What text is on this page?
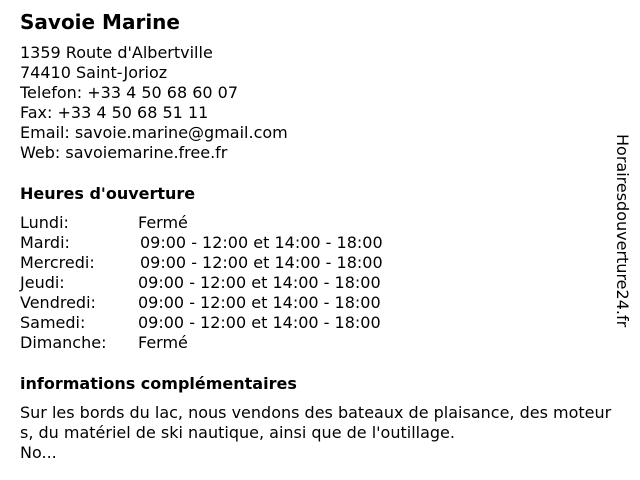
Savoie Marine
1359 Route d'Albertville
74410 Saint-Jorioz
Telefon: +33 4 50 68 60 07
Fax: +33 4 50 68 51 11
Email: savoie.marine@gmail.com
Web: savoiemarine.free.fr
Heures d'ouverture
Lundi:	Fermé
Mardi:	09:00 - 12:00 et 14:00 - 18:00
Mercredi:	09:00 - 12:00 et 14:00 - 18:00
Jeudi:	09:00 - 12:00 et 14:00 - 18:00
Vendredi:	09:00 - 12:00 et 14:00 - 18:00
Samedi:	09:00 - 12:00 et 14:00 - 18:00
Dimanche: Fermé
informations complémentaires
Sur les bords du lac, nous vendons des bateaux de plaisance, des moteurs, du matériel de ski nautique, ainsi que de l'outillage.
No...
Horairesdouverture24.fr
